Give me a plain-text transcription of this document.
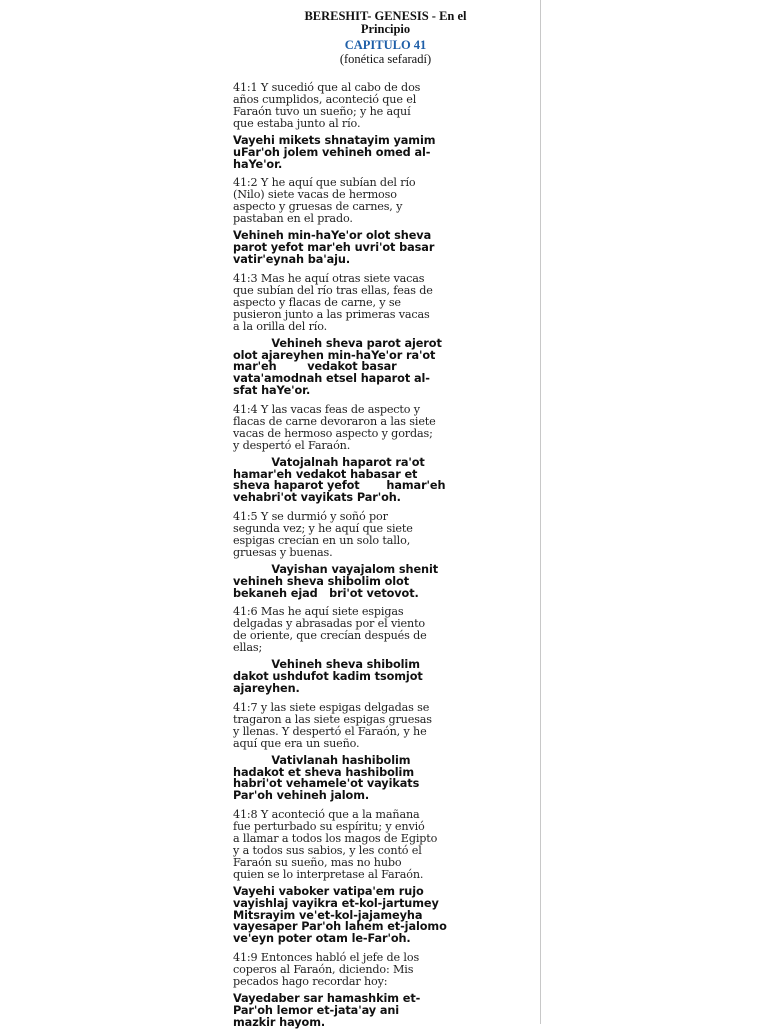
BERESHIT- GENESIS - En el Principio
CAPITULO 41
(fonética sefaradí)

41:1 Y sucedió que al cabo de dos
años cumplidos, aconteció que el
Faraón tuvo un sueño; y he aquí
que estaba junto al río.

Vayehi mikets shnatayim yamim
uFar'oh jolem vehineh omed al-
haYe'or.

41:2 Y he aquí que subían del río
(Nilo) siete vacas de hermoso
aspecto y gruesas de carnes, y
pastaban en el prado.

Vehineh min-haYe'or olot sheva
parot yefot mar'eh uvri'ot basar
vatir'eynah ba'aju.

41:3 Mas he aquí otras siete vacas
que subían del río tras ellas, feas de
aspecto y flacas de carne, y se
pusieron junto a las primeras vacas
a la orilla del río.

Vehineh sheva parot ajerot
olot ajareyhen min-haYe'or ra'ot
mar'eh        vedakot basar
vata'amodnah etsel haparot al-
sfat haYe'or.

41:4 Y las vacas feas de aspecto y
flacas de carne devoraron a las siete
vacas de hermoso aspecto y gordas;
y despertó el Faraón.

Vatojalnah haparot ra'ot
hamar'eh vedakot habasar et
sheva haparot yefot       hamar'eh
vehabri'ot vayikats Par'oh.

41:5 Y se durmió y soñó por
segunda vez; y he aquí que siete
espigas crecían en un solo tallo,
gruesas y buenas.

Vayishan vayajalom shenit
vehineh sheva shibolim olot
bekaneh ejad   bri'ot vetovot.

41:6 Mas he aquí siete espigas
delgadas y abrasadas por el viento
de oriente, que crecían después de
ellas;

Vehineh sheva shibolim
dakot ushdufot kadim tsomjot
ajareyhen.

41:7 y las siete espigas delgadas se
tragaron a las siete espigas gruesas
y llenas. Y despertó el Faraón, y he
aquí que era un sueño.

Vativlanah hashibolim
hadakot et sheva hashibolim
habri'ot vehamele'ot vayikats
Par'oh vehineh jalom.

41:8 Y aconteció que a la mañana
fue perturbado su espíritu; y envió
a llamar a todos los magos de Egipto
y a todos sus sabios, y les contó el
Faraón su sueño, mas no hubo
quien se lo interpretase al Faraón.

Vayehi vaboker vatipa'em rujo
vayishlaj vayikra et-kol-jartumey
Mitsrayim ve'et-kol-jajameyha
vayesaper Par'oh lahem et-jalomo
ve'eyn poter otam le-Far'oh.

41:9 Entonces habló el jefe de los
coperos al Faraón, diciendo: Mis
pecados hago recordar hoy:

Vayedaber sar hamashkim et-
Par'oh lemor et-jata'ay ani
mazkir hayom.
